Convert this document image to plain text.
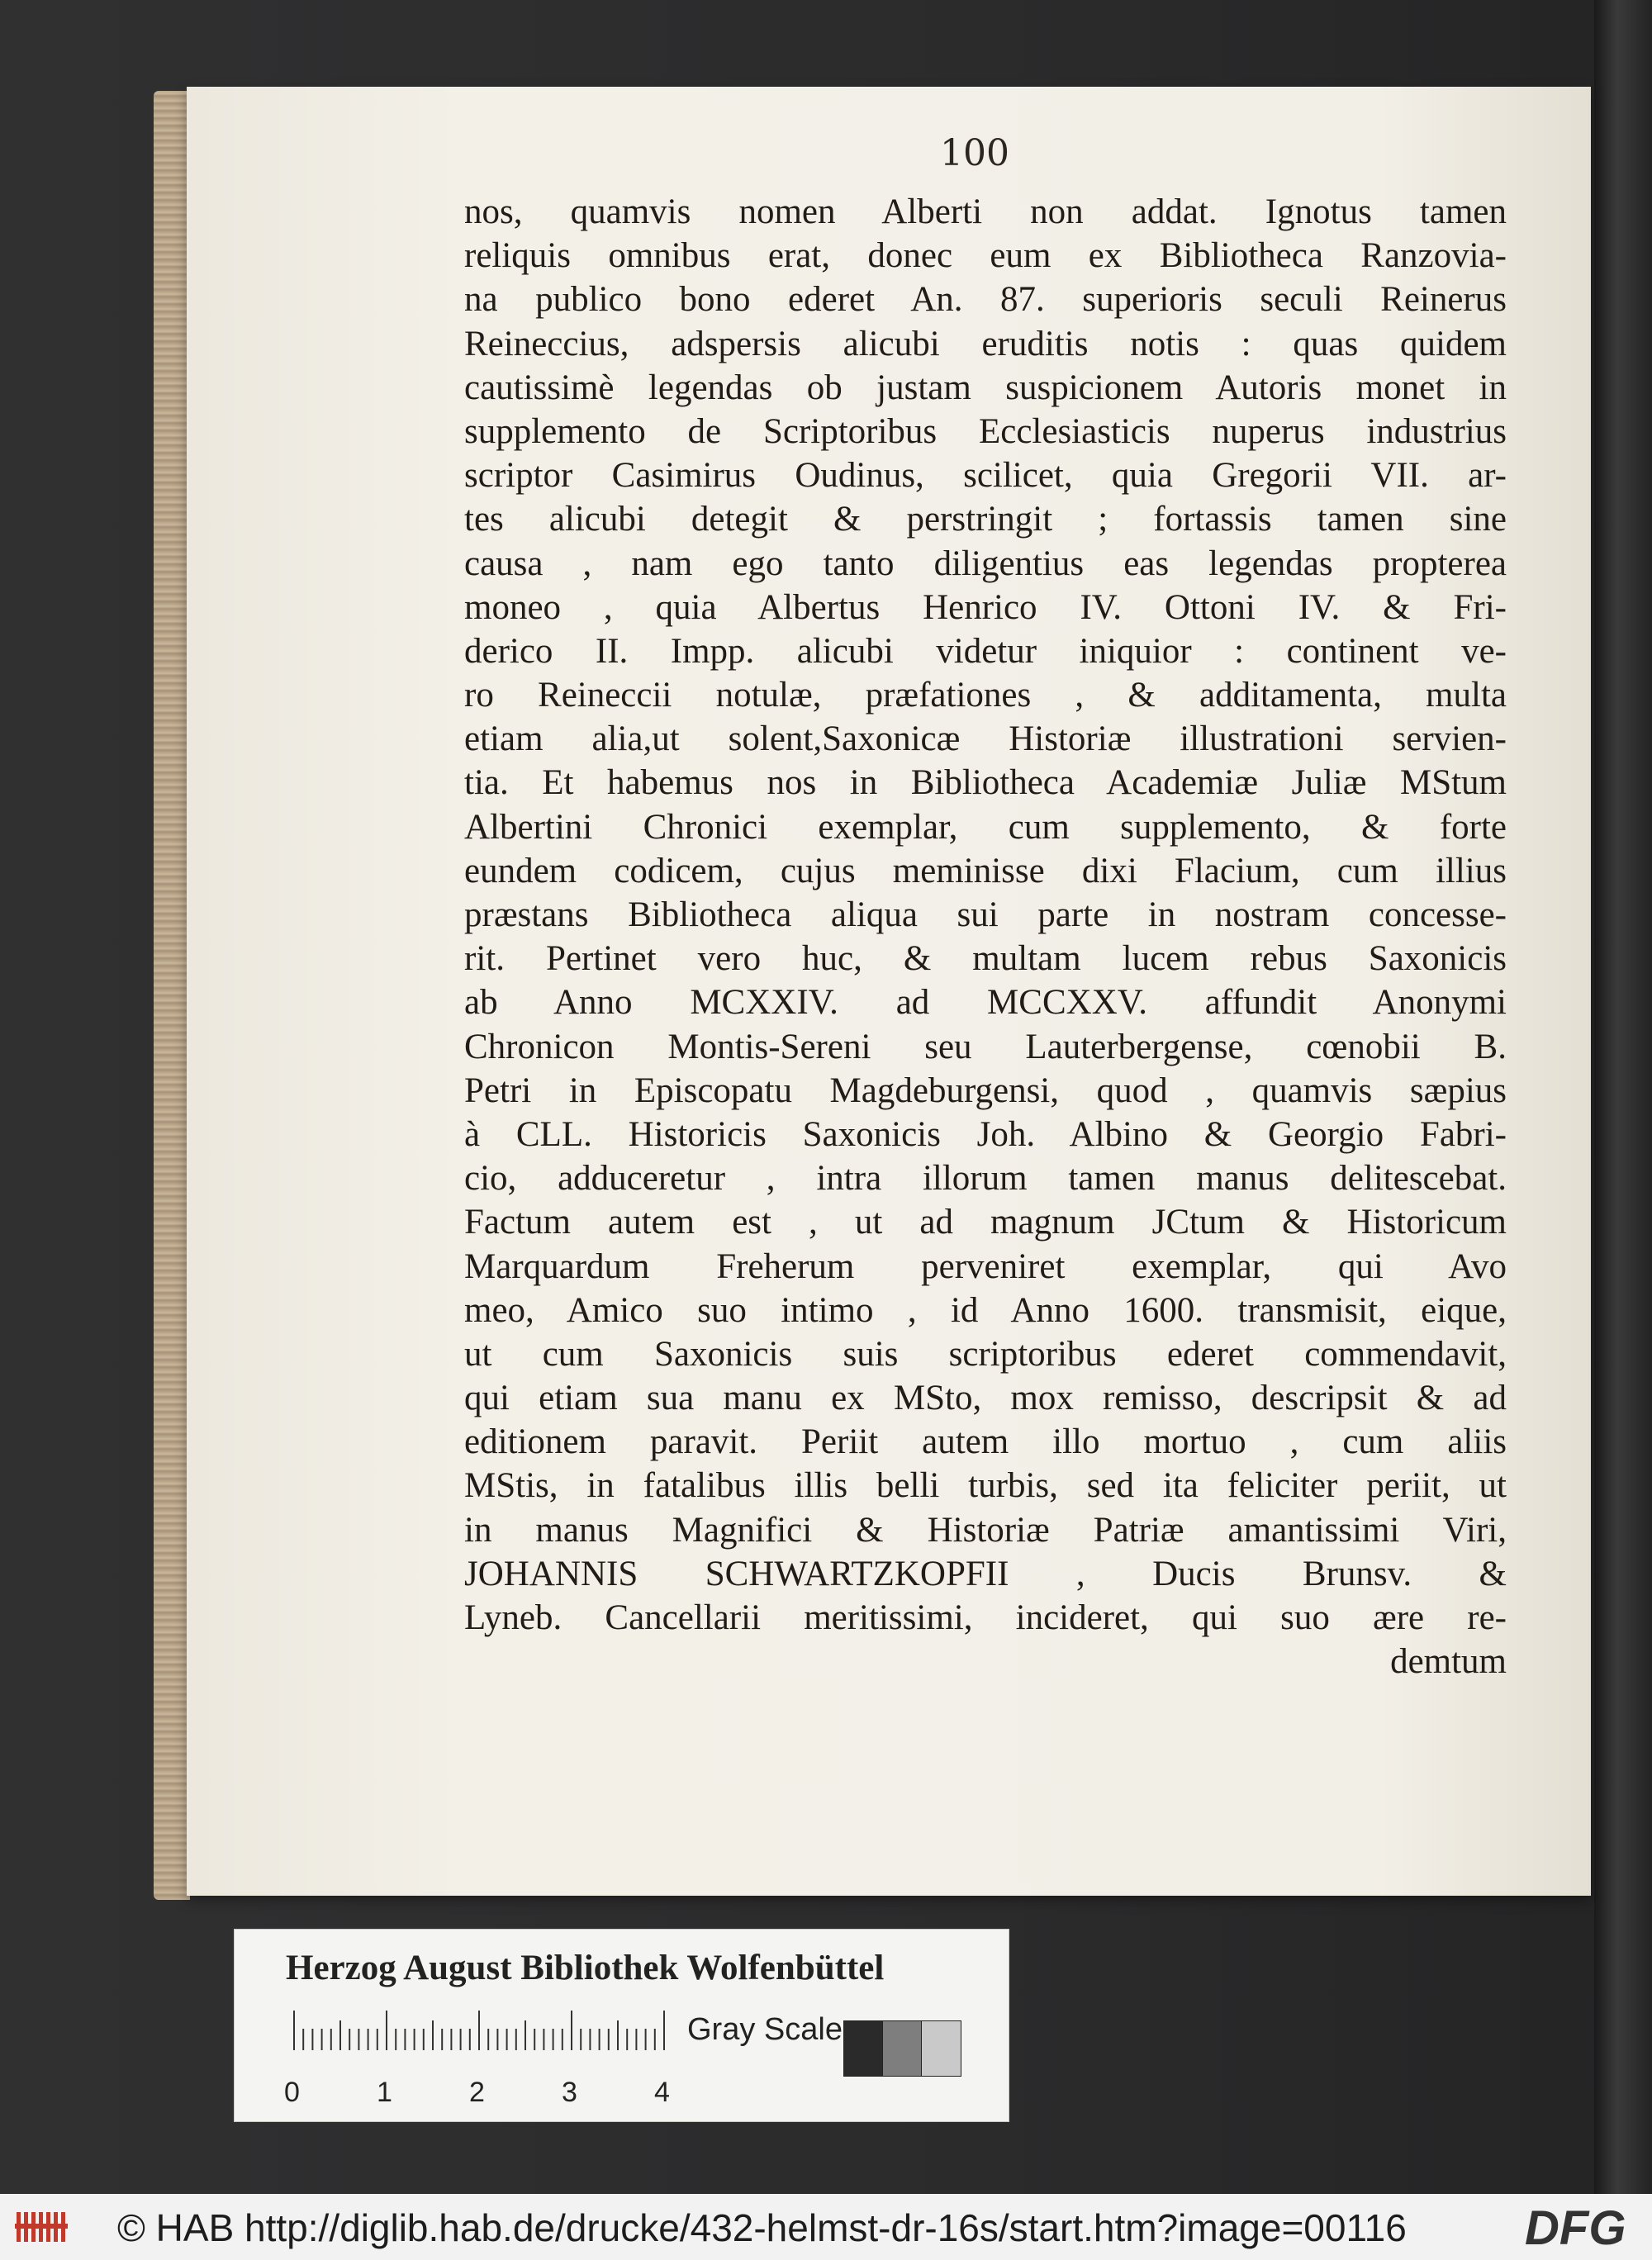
100
nos, quamvis nomen Alberti non addat. Ignotus tamen
reliquis omnibus erat, donec eum ex Bibliotheca Ranzovia-
na publico bono ederet An. 87. superioris seculi Reinerus
Reineccius, adspersis alicubi eruditis notis : quas quidem
cautissimè legendas ob justam suspicionem Autoris monet in
supplemento de Scriptoribus Ecclesiasticis nuperus industrius
scriptor Casimirus Oudinus, scilicet, quia Gregorii VII. ar-
tes alicubi detegit & perstringit ; fortassis tamen sine
causa , nam ego tanto diligentius eas legendas propterea
moneo , quia Albertus Henrico IV. Ottoni IV. & Fri-
derico II. Impp. alicubi videtur iniquior : continent ve-
ro Reineccii notulæ, præfationes , & additamenta, multa
etiam alia,ut solent,Saxonicæ Historiæ illustrationi servien-
tia. Et habemus nos in Bibliotheca Academiæ Juliæ MStum
Albertini Chronici exemplar, cum supplemento, & forte
eundem codicem, cujus meminisse dixi Flacium, cum illius
præstans Bibliotheca aliqua sui parte in nostram concesse-
rit. Pertinet vero huc, & multam lucem rebus Saxonicis
ab Anno MCXXIV. ad MCCXXV. affundit Anonymi
Chronicon Montis-Sereni seu Lauterbergense, cœnobii B.
Petri in Episcopatu Magdeburgensi, quod , quamvis sæpius
à CLL. Historicis Saxonicis Joh. Albino & Georgio Fabri-
cio, adduceretur , intra illorum tamen manus delitescebat.
Factum autem est , ut ad magnum JCtum & Historicum
Marquardum Freherum perveniret exemplar, qui Avo
meo, Amico suo intimo , id Anno 1600. transmisit, eique,
ut cum Saxonicis suis scriptoribus ederet commendavit,
qui etiam sua manu ex MSto, mox remisso, descripsit & ad
editionem paravit. Periit autem illo mortuo , cum aliis
MStis, in fatalibus illis belli turbis, sed ita feliciter periit, ut
in manus Magnifici & Historiæ Patriæ amantissimi Viri,
JOHANNIS SCHWARTZKOPFII , Ducis Brunsv. &
Lyneb. Cancellarii meritissimi, incideret, qui suo ære re-
demtum
Herzog August Bibliothek Wolfenbüttel
0	1	2	3	4
Gray Scale
© HAB http://diglib.hab.de/drucke/432-helmst-dr-16s/start.htm?image=00116 DFG
